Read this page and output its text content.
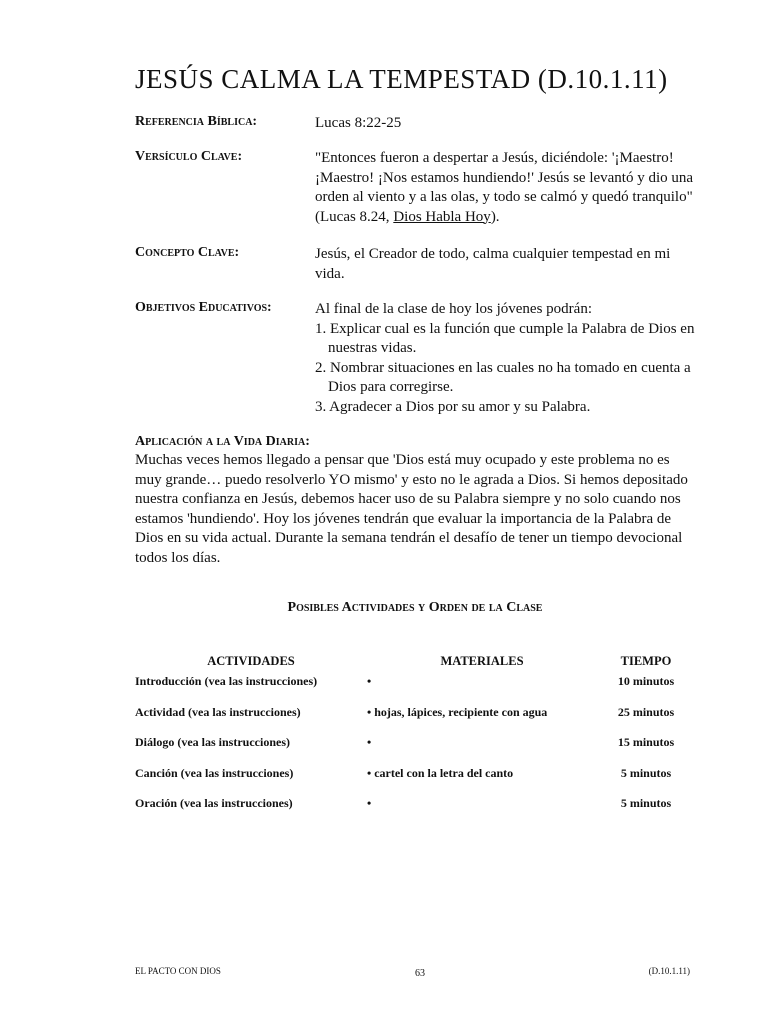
JESÚS CALMA LA TEMPESTAD (D.10.1.11)
Referencia Bíblica:	Lucas 8:22-25
Versículo Clave:	"Entonces fueron a despertar a Jesús, diciéndole: '¡Maestro! ¡Maestro! ¡Nos estamos hundiendo!' Jesús se levantó y dio una orden al viento y a las olas, y todo se calmó y quedó tranquilo" (Lucas 8.24, Dios Habla Hoy).
Concepto Clave:	Jesús, el Creador de todo, calma cualquier tempestad en mi vida.
Objetivos Educativos:	Al final de la clase de hoy los jóvenes podrán:
1. Explicar cual es la función que cumple la Palabra de Dios en nuestras vidas.
2. Nombrar situaciones en las cuales no ha tomado en cuenta a Dios para corregirse.
3. Agradecer a Dios por su amor y su Palabra.
Aplicación a la Vida Diaria:

Muchas veces hemos llegado a pensar que 'Dios está muy ocupado y este problema no es muy grande… puedo resolverlo YO mismo' y esto no le agrada a Dios. Si hemos depositado nuestra confianza en Jesús, debemos hacer uso de su Palabra siempre y no solo cuando nos estamos 'hundiendo'. Hoy los jóvenes tendrán que evaluar la importancia de la Palabra de Dios en su vida actual. Durante la semana tendrán el desafío de tener un tiempo devocional todos los días.

Posibles Actividades y Orden de la Clase
ACTIVIDADES	MATERIALES	TIEMPO
Introducción (vea las instrucciones)	•	10 minutos
Actividad (vea las instrucciones)	• hojas, lápices, recipiente con agua	25 minutos
Diálogo (vea las instrucciones)	•	15 minutos
Canción (vea las instrucciones)	• cartel con la letra del canto	5 minutos
Oración (vea las instrucciones)	•	5 minutos
EL PACTO CON DIOS	63	(D.10.1.11)
